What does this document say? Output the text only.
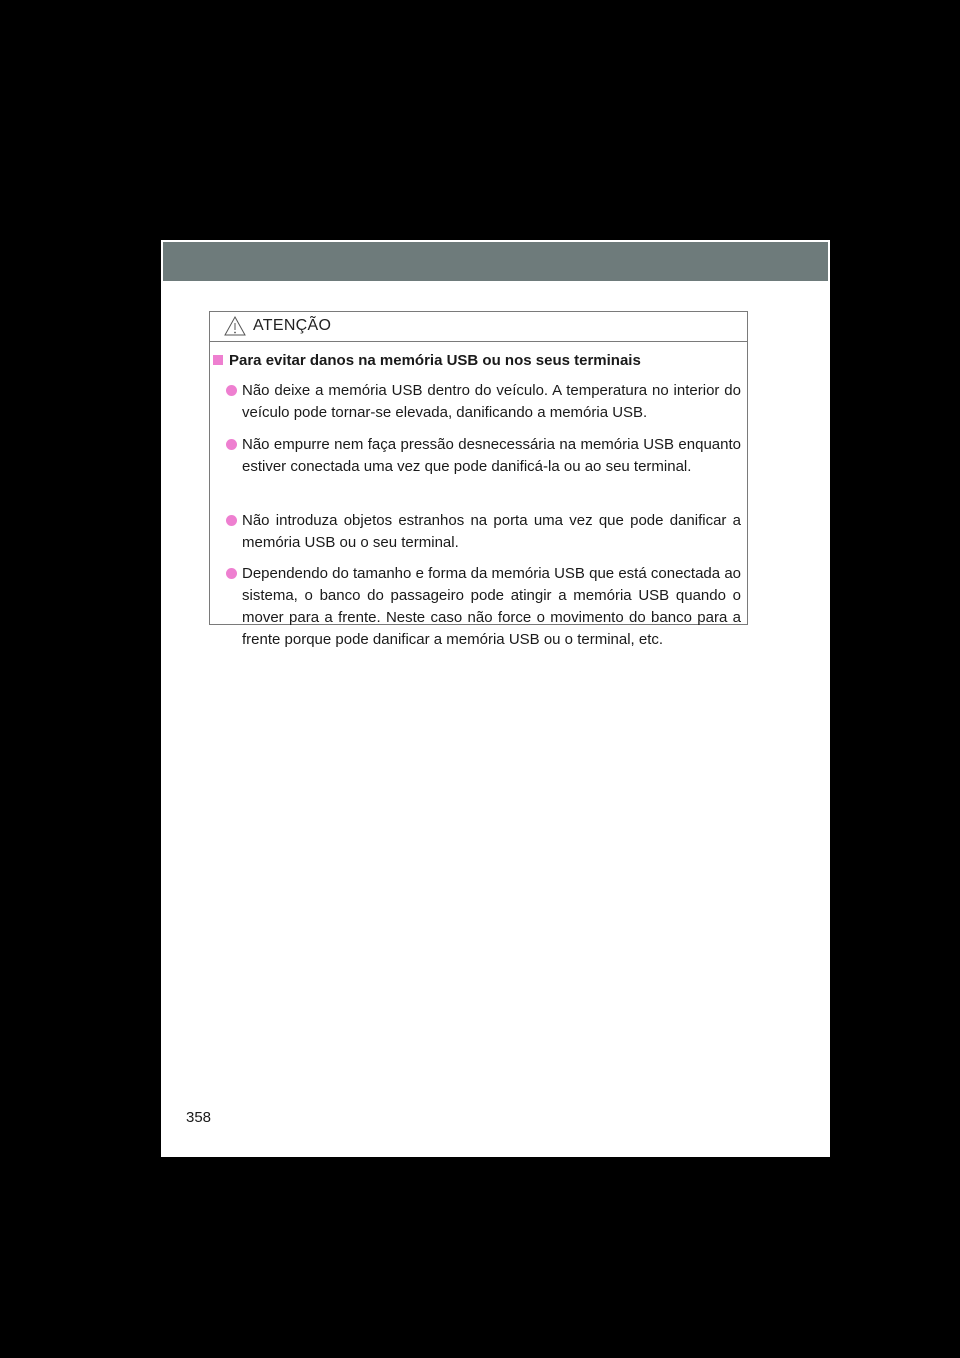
ATENÇÃO
Para evitar danos na memória USB ou nos seus terminais
Não deixe a memória USB dentro do veículo. A temperatura no interior do veículo pode tornar-se elevada, danificando a memória USB.
Não empurre nem faça pressão desnecessária na memória USB enquanto estiver conectada uma vez que pode danificá-la ou ao seu terminal.
Não introduza objetos estranhos na porta uma vez que pode danificar a memória USB ou o seu terminal.
Dependendo do tamanho e forma da memória USB que está conectada ao sistema, o banco do passageiro pode atingir a memória USB quando o mover para a frente. Neste caso não force o movimento do banco para a frente porque pode danificar a memória USB ou o terminal, etc.
358
